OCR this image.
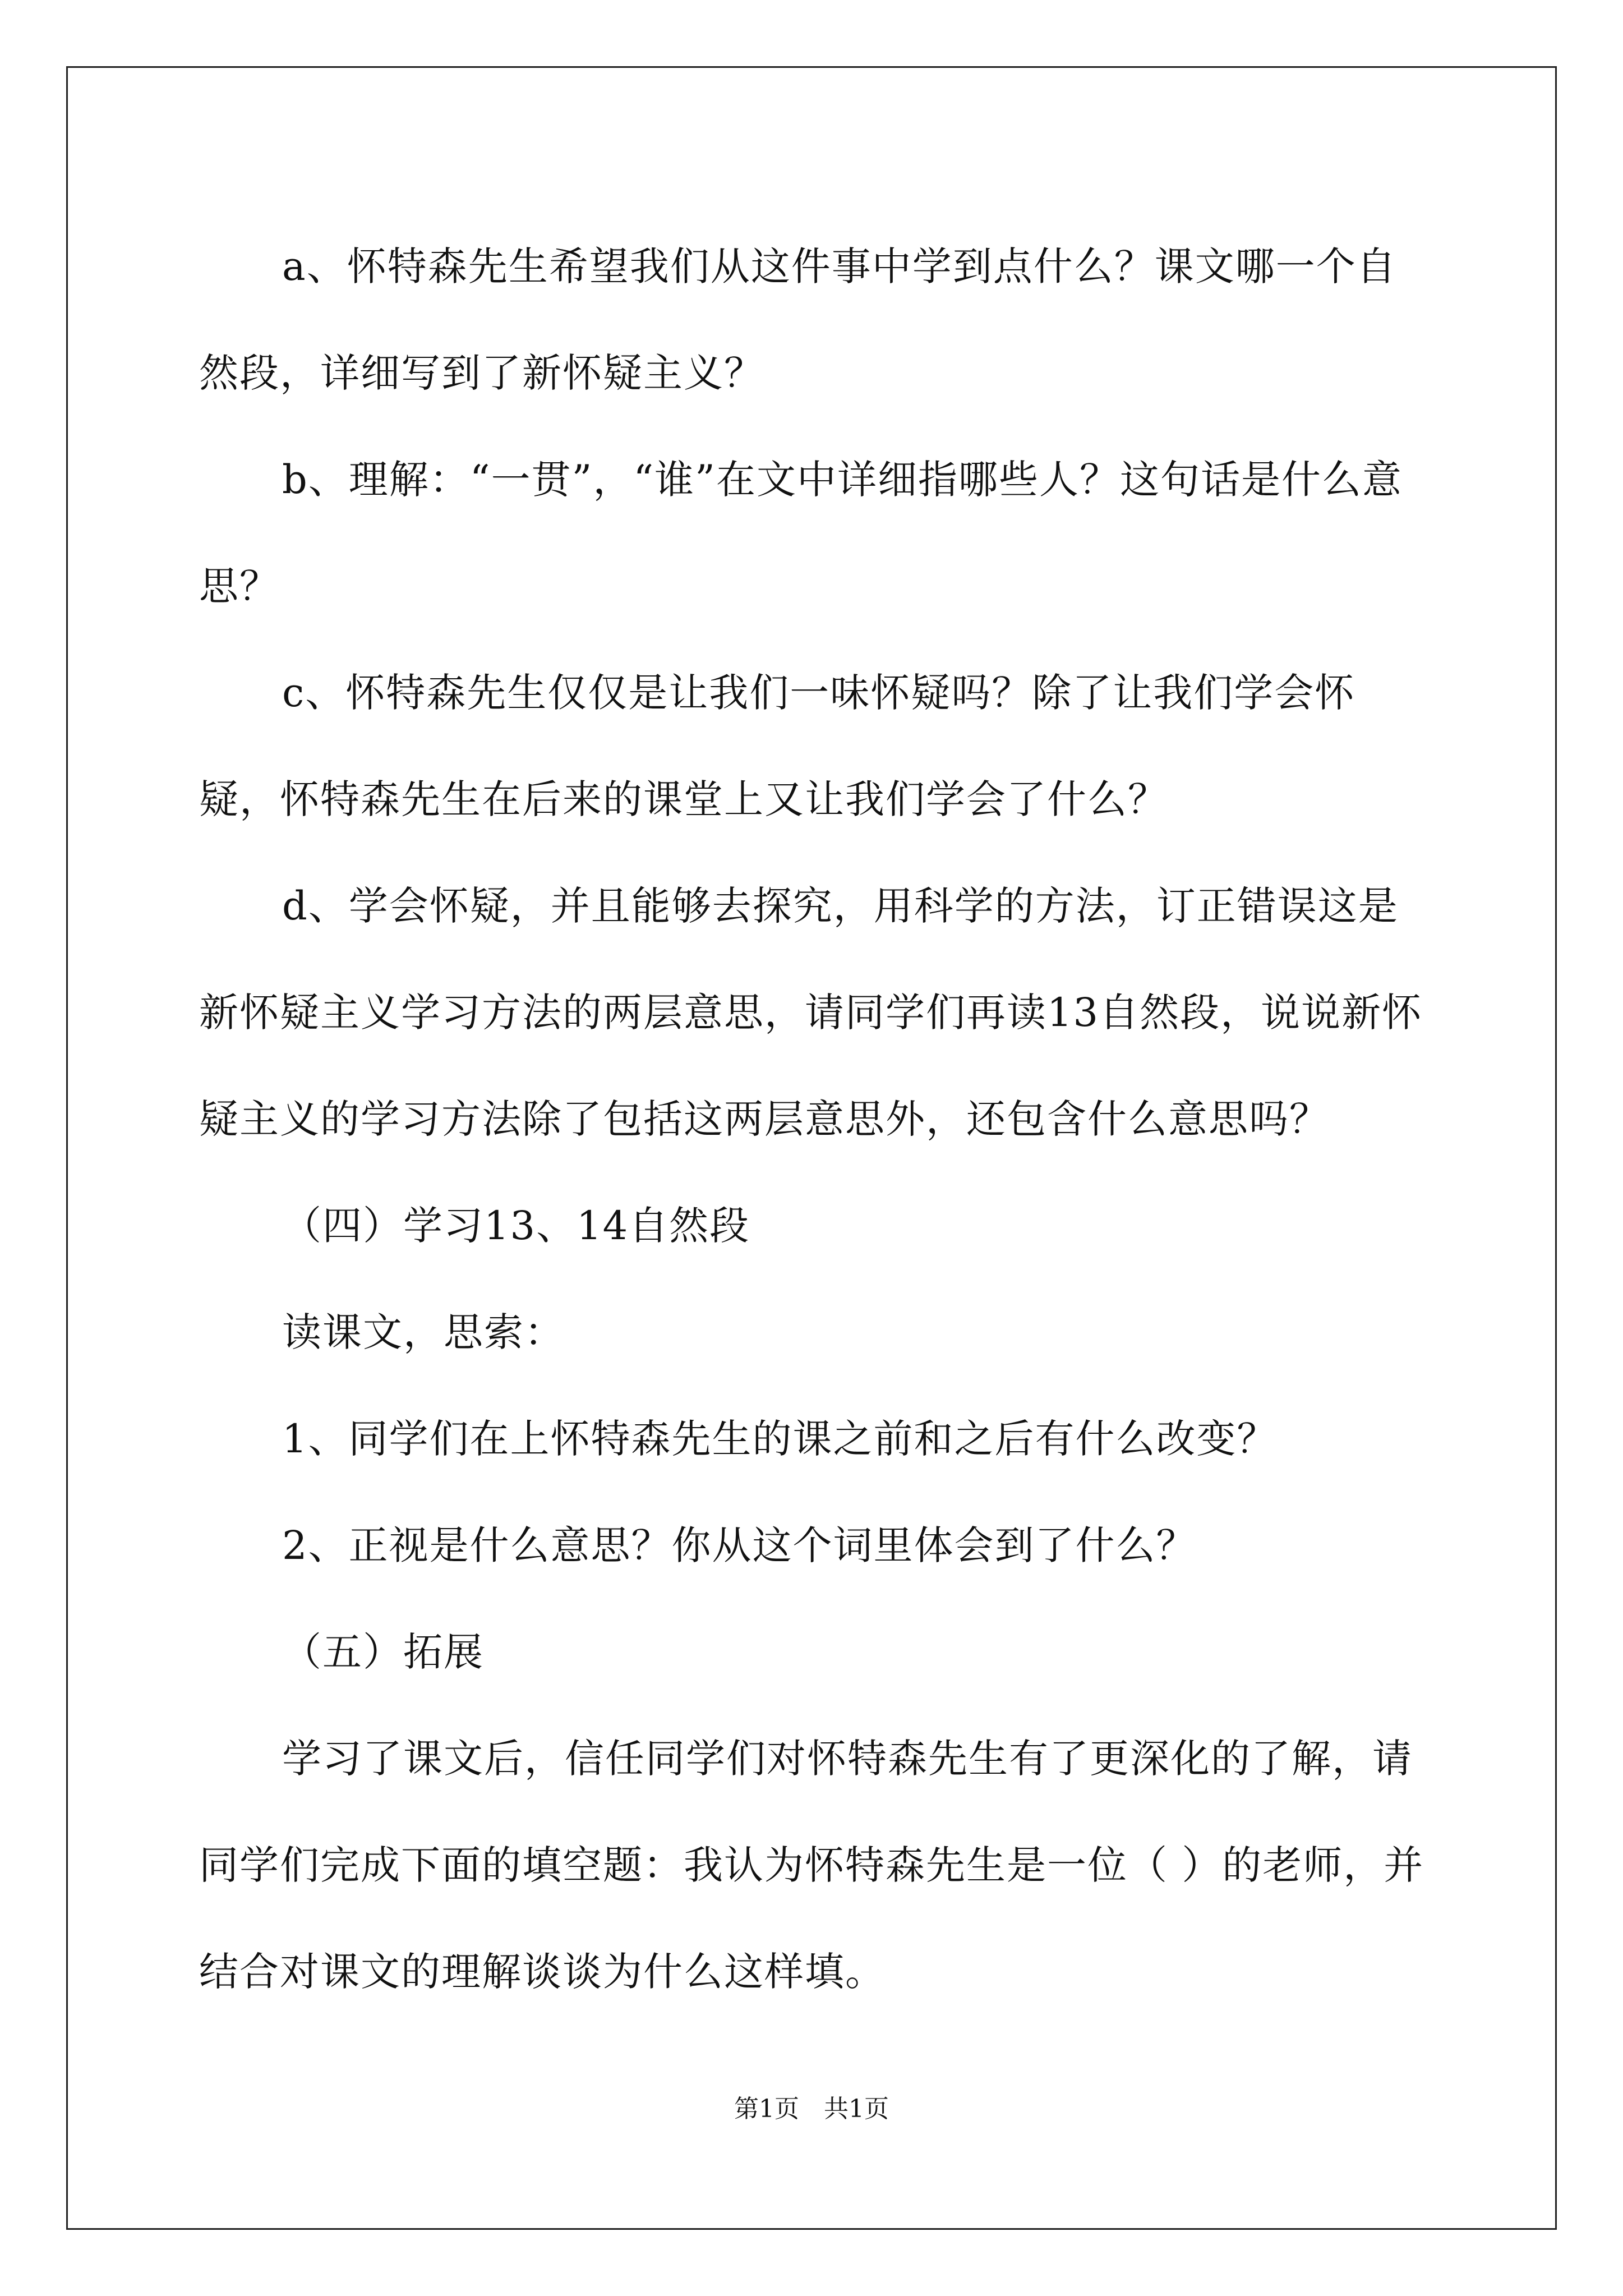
a、怀特森先生希望我们从这件事中学到点什么？课文哪一个自然段，详细写到了新怀疑主义？

b、理解：“一贯”，“谁”在文中详细指哪些人？这句话是什么意思？

c、怀特森先生仅仅是让我们一味怀疑吗？除了让我们学会怀疑，怀特森先生在后来的课堂上又让我们学会了什么？

d、学会怀疑，并且能够去探究，用科学的方法，订正错误这是新怀疑主义学习方法的两层意思，请同学们再读13自然段，说说新怀疑主义的学习方法除了包括这两层意思外，还包含什么意思吗？

（四）学习13、14自然段

读课文，思索：

1、同学们在上怀特森先生的课之前和之后有什么改变？

2、正视是什么意思？你从这个词里体会到了什么？

（五）拓展

学习了课文后，信任同学们对怀特森先生有了更深化的了解，请同学们完成下面的填空题：我认为怀特森先生是一位（ ）的老师，并结合对课文的理解谈谈为什么这样填。

第1页 共1页
